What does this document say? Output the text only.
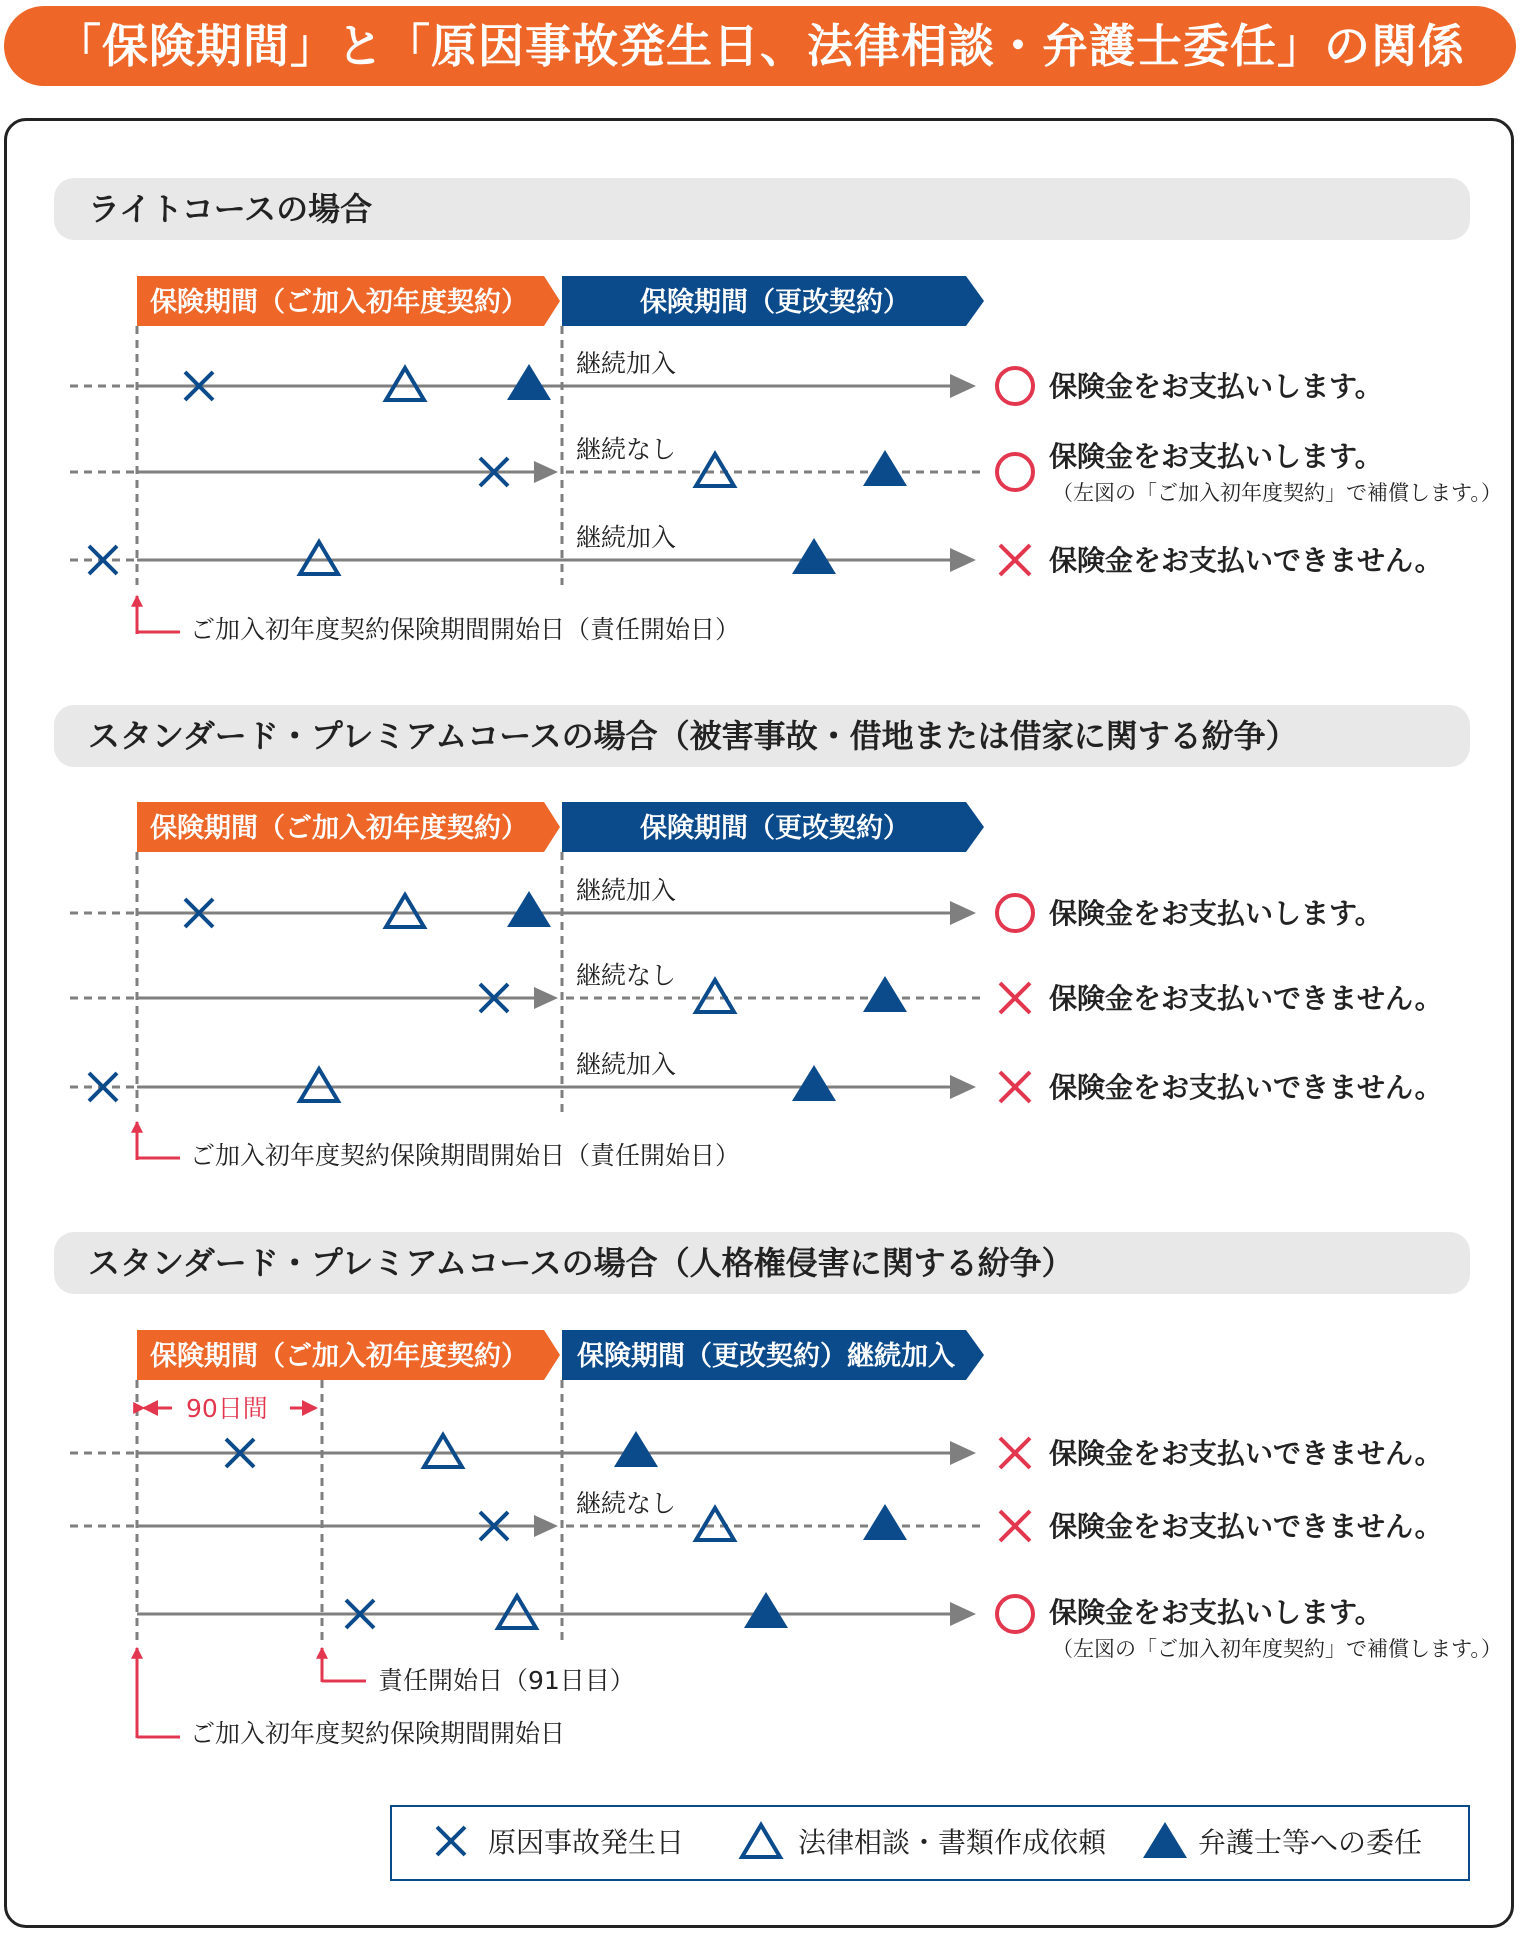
「保険期間」と「原因事故発生日、法律相談・弁護士委任」の関係
ライトコースの場合
保険期間（ご加入初年度契約）	保険期間（更改契約）
継続加入
保険金をお支払いします。
継続なし	保険金をお支払いします。
（左図の「ご加入初年度契約」で補償します。）
継続加入
保険金をお支払いできません。
ご加入初年度契約保険期間開始日（責任開始日）
スタンダード・プレミアムコースの場合（被害事故・借地または借家に関する紛争）
保険期間（ご加入初年度契約）	保険期間（更改契約）
継続加入
保険金をお支払いします。
継続なし
保険金をお支払いできません。
継続加入
保険金をお支払いできません。
ご加入初年度契約保険期間開始日（責任開始日）
スタンダード・プレミアムコースの場合（人格権侵害に関する紛争）
保険期間（ご加入初年度契約） 保険期間（更改契約）継続加入
90日間
保険金をお支払いできません。
継続なし
保険金をお支払いできません。
保険金をお支払いします。
（左図の「ご加入初年度契約」で補償します。）
責任開始日（91日目）
ご加入初年度契約保険期間開始日
原因事故発生日	法律相談・書類作成依頼	弁護士等への委任
